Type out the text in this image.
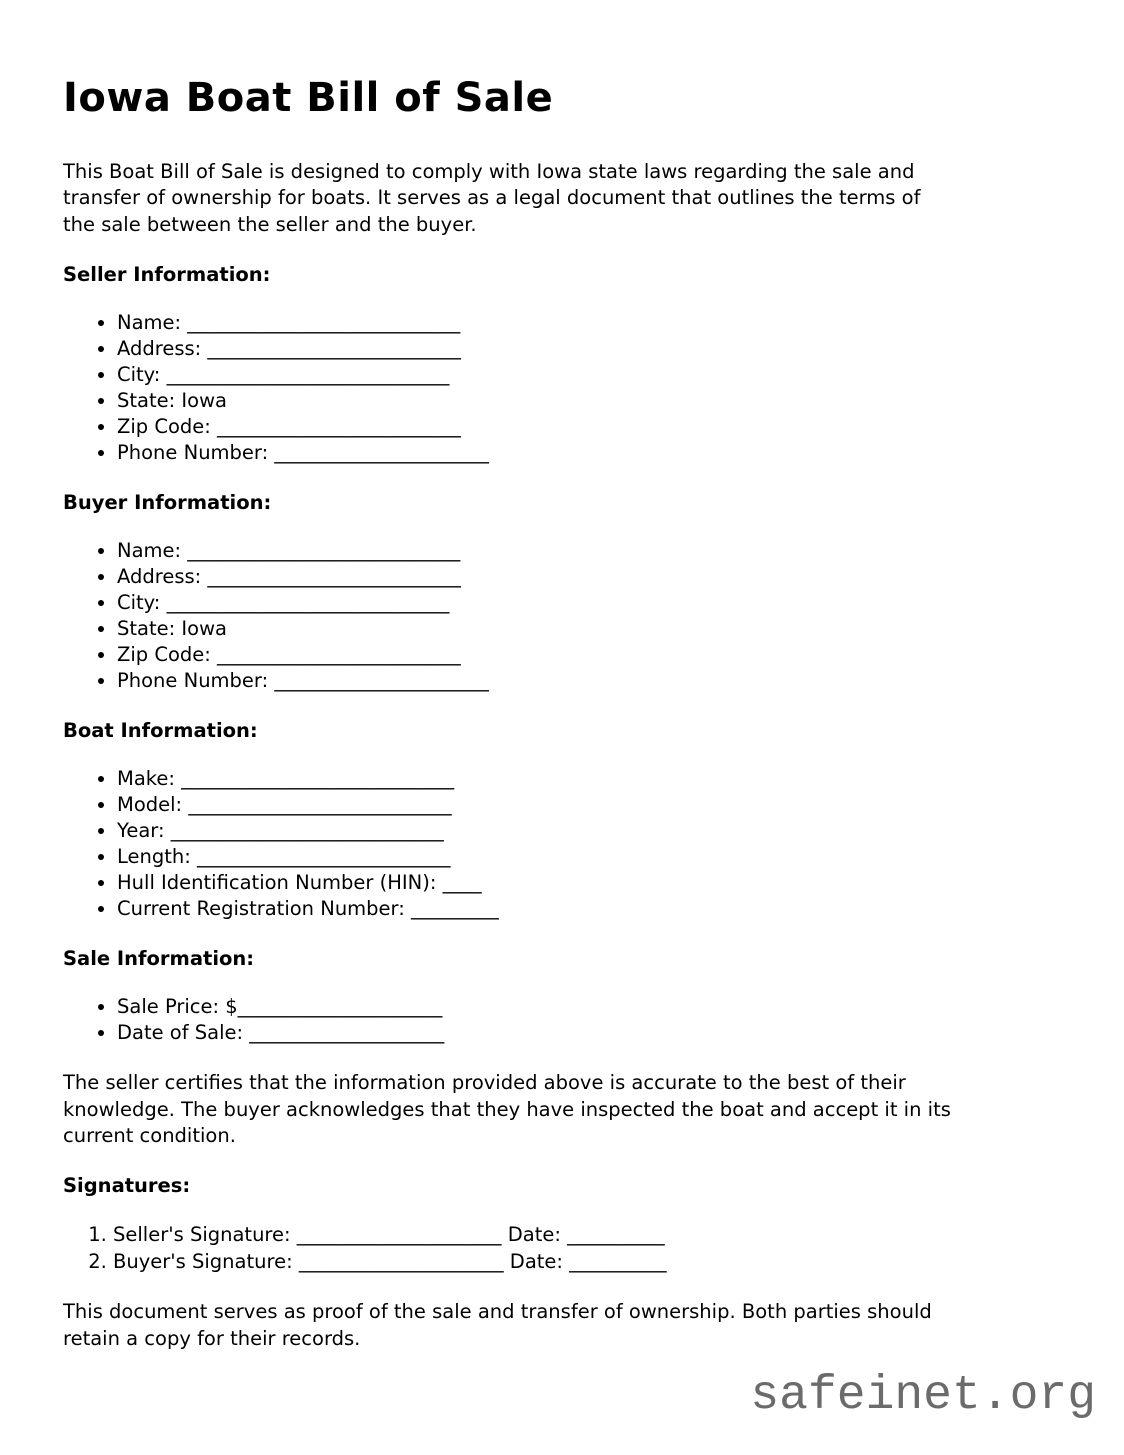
Iowa Boat Bill of Sale

This Boat Bill of Sale is designed to comply with Iowa state laws regarding the sale and
transfer of ownership for boats. It serves as a legal document that outlines the terms of
the sale between the seller and the buyer.

Seller Information:

• Name: ____________________________
• Address: __________________________
• City: _____________________________
• State: Iowa
• Zip Code: _________________________
• Phone Number: ______________________

Buyer Information:

• Name: ____________________________
• Address: __________________________
• City: _____________________________
• State: Iowa
• Zip Code: _________________________
• Phone Number: ______________________

Boat Information:

• Make: ____________________________
• Model: ___________________________
• Year: ____________________________
• Length: __________________________
• Hull Identification Number (HIN): ____
• Current Registration Number: _________

Sale Information:

• Sale Price: $_____________________
• Date of Sale: ____________________

The seller certifies that the information provided above is accurate to the best of their
knowledge. The buyer acknowledges that they have inspected the boat and accept it in its
current condition.

Signatures:

1. Seller's Signature: _____________________ Date: __________
2. Buyer's Signature: _____________________ Date: __________

This document serves as proof of the sale and transfer of ownership. Both parties should
retain a copy for their records.

safeinet.org
